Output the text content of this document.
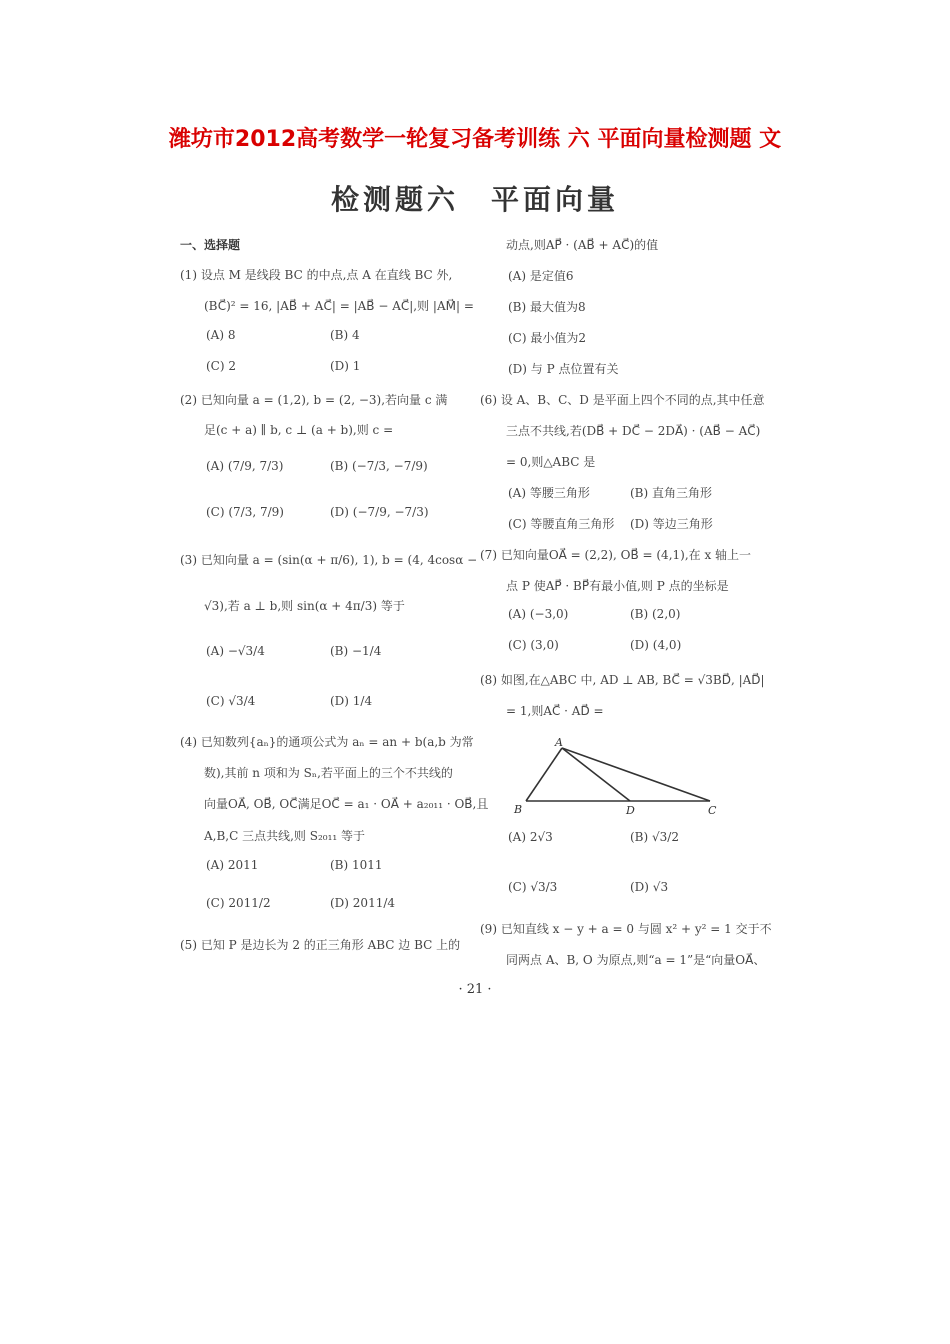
潍坊市2012高考数学一轮复习备考训练 六 平面向量检测题 文
检测题六　平面向量
一、选择题
(1) 设点 M 是线段 BC 的中点,点 A 在直线 BC 外,
(BC⃗)² = 16, |AB⃗ + AC⃗| = |AB⃗ − AC⃗|,则 |AM⃗| =
(A) 8	(B) 4
(C) 2	(D) 1
(2) 已知向量 a = (1,2), b = (2, −3),若向量 c 满
足(c + a) ∥ b, c ⊥ (a + b),则 c =
(A) (7/9, 7/3)	(B) (−7/3, −7/9)
(C) (7/3, 7/9)	(D) (−7/9, −7/3)
(3) 已知向量 a = (sin(α + π/6), 1), b = (4, 4cosα −
√3),若 a ⊥ b,则 sin(α + 4π/3) 等于
(A) −√3/4	(B) −1/4
(C) √3/4	(D) 1/4
(4) 已知数列{aₙ}的通项公式为 aₙ = an + b(a,b 为常
数),其前 n 项和为 Sₙ,若平面上的三个不共线的
向量OA⃗, OB⃗, OC⃗满足OC⃗ = a₁ · OA⃗ + a₂₀₁₁ · OB⃗,且
A,B,C 三点共线,则 S₂₀₁₁ 等于
(A) 2011	(B) 1011
(C) 2011/2	(D) 2011/4
(5) 已知 P 是边长为 2 的正三角形 ABC 边 BC 上的
动点,则AP⃗ · (AB⃗ + AC⃗)的值
(A) 是定值6
(B) 最大值为8
(C) 最小值为2
(D) 与 P 点位置有关
(6) 设 A、B、C、D 是平面上四个不同的点,其中任意
三点不共线,若(DB⃗ + DC⃗ − 2DA⃗) · (AB⃗ − AC⃗)
= 0,则△ABC 是
(A) 等腰三角形	(B) 直角三角形
(C) 等腰直角三角形 (D) 等边三角形
(7) 已知向量OA⃗ = (2,2), OB⃗ = (4,1),在 x 轴上一
点 P 使AP⃗ · BP⃗有最小值,则 P 点的坐标是
(A) (−3,0)	(B) (2,0)
(C) (3,0)	(D) (4,0)
(8) 如图,在△ABC 中, AD ⊥ AB, BC⃗ = √3BD⃗, |AD⃗|
= 1,则AC⃗ · AD⃗ =
A
B	D	C
(A) 2√3	(B) √3/2
(C) √3/3	(D) √3
(9) 已知直线 x − y + a = 0 与圆 x² + y² = 1 交于不
同两点 A、B, O 为原点,则“a = 1”是“向量OA⃗、
· 21 ·
